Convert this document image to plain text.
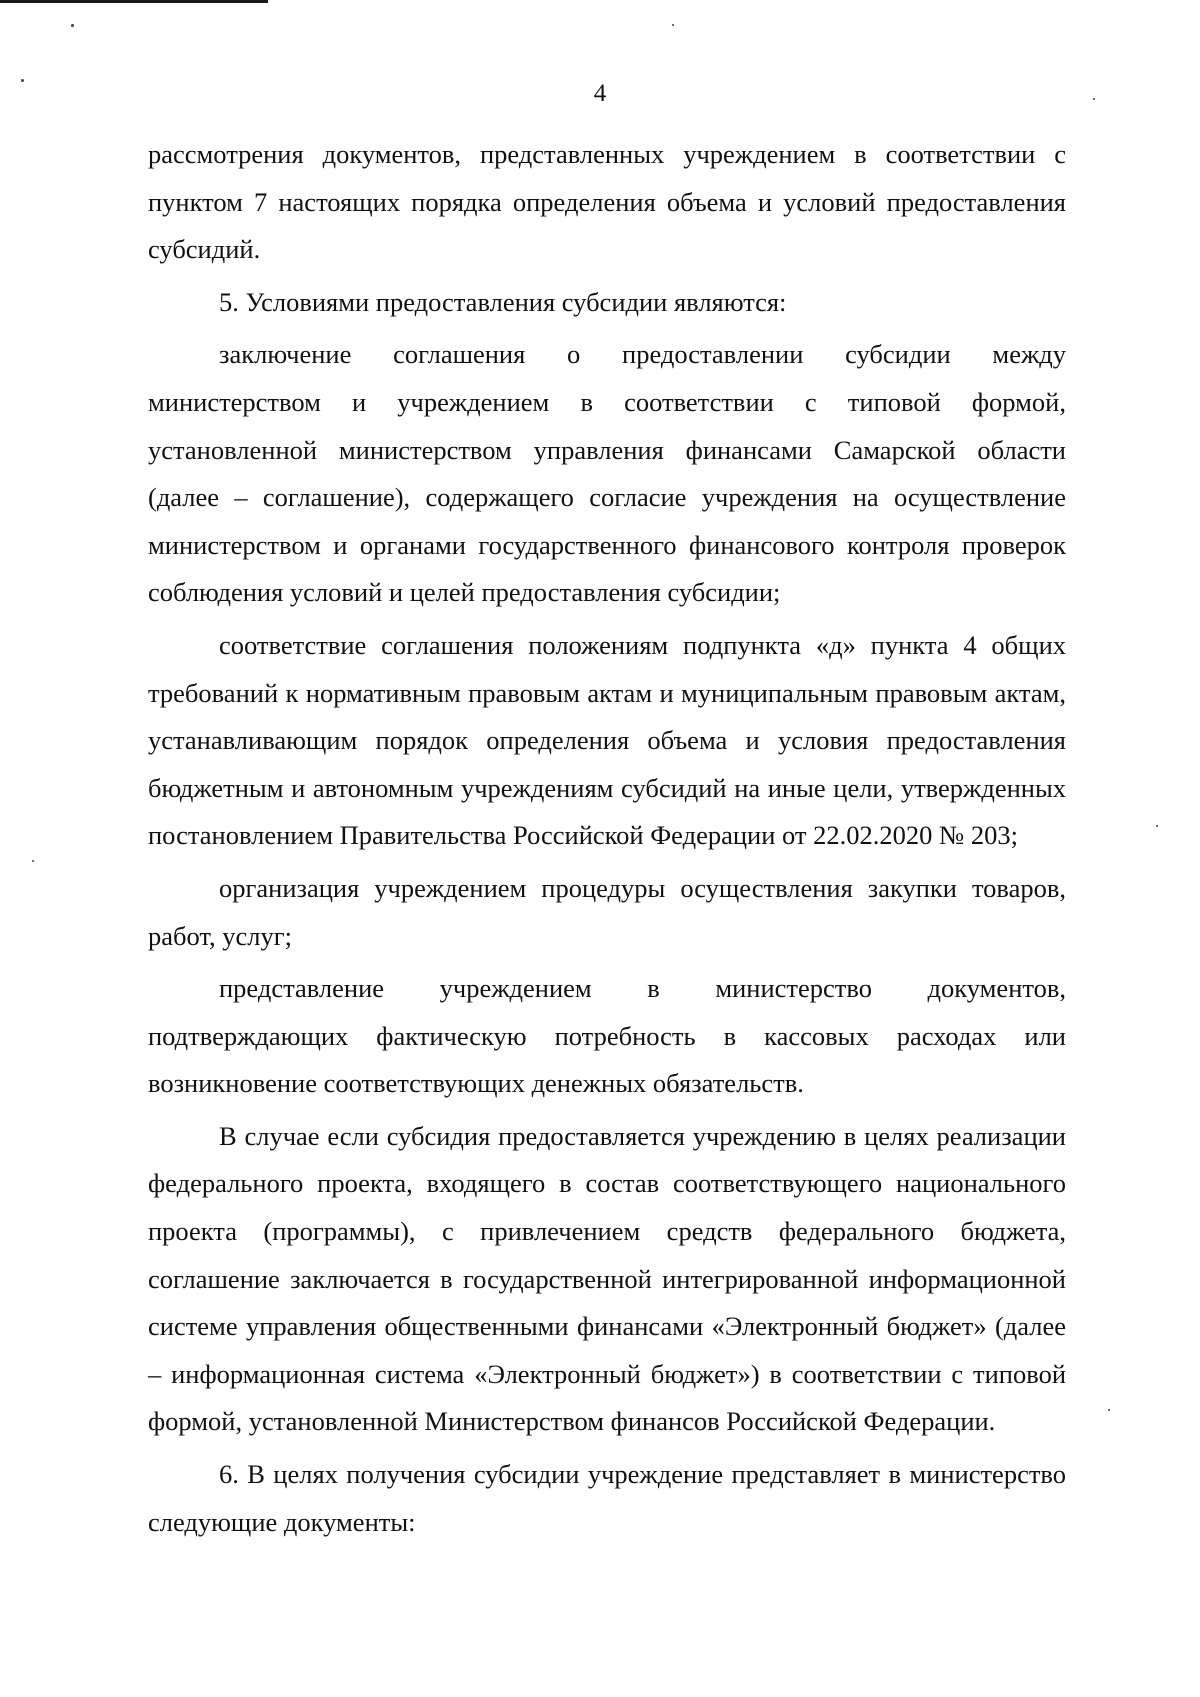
4

рассмотрения документов, представленных учреждением в соответствии с пунктом 7 настоящих порядка определения объема и условий предоставления субсидий.

5. Условиями предоставления субсидии являются:

заключение соглашения о предоставлении субсидии между министерством и учреждением в соответствии с типовой формой, установленной министерством управления финансами Самарской области (далее – соглашение), содержащего согласие учреждения на осуществление министерством и органами государственного финансового контроля проверок соблюдения условий и целей предоставления субсидии;

соответствие соглашения положениям подпункта «д» пункта 4 общих требований к нормативным правовым актам и муниципальным правовым актам, устанавливающим порядок определения объема и условия предоставления бюджетным и автономным учреждениям субсидий на иные цели, утвержденных постановлением Правительства Российской Федерации от 22.02.2020 № 203;

организация учреждением процедуры осуществления закупки товаров, работ, услуг;

представление учреждением в министерство документов, подтверждающих фактическую потребность в кассовых расходах или возникновение соответствующих денежных обязательств.

В случае если субсидия предоставляется учреждению в целях реализации федерального проекта, входящего в состав соответствующего национального проекта (программы), с привлечением средств федерального бюджета, соглашение заключается в государственной интегрированной информационной системе управления общественными финансами «Электронный бюджет» (далее – информационная система «Электронный бюджет») в соответствии с типовой формой, установленной Министерством финансов Российской Федерации.

6. В целях получения субсидии учреждение представляет в министерство следующие документы:
